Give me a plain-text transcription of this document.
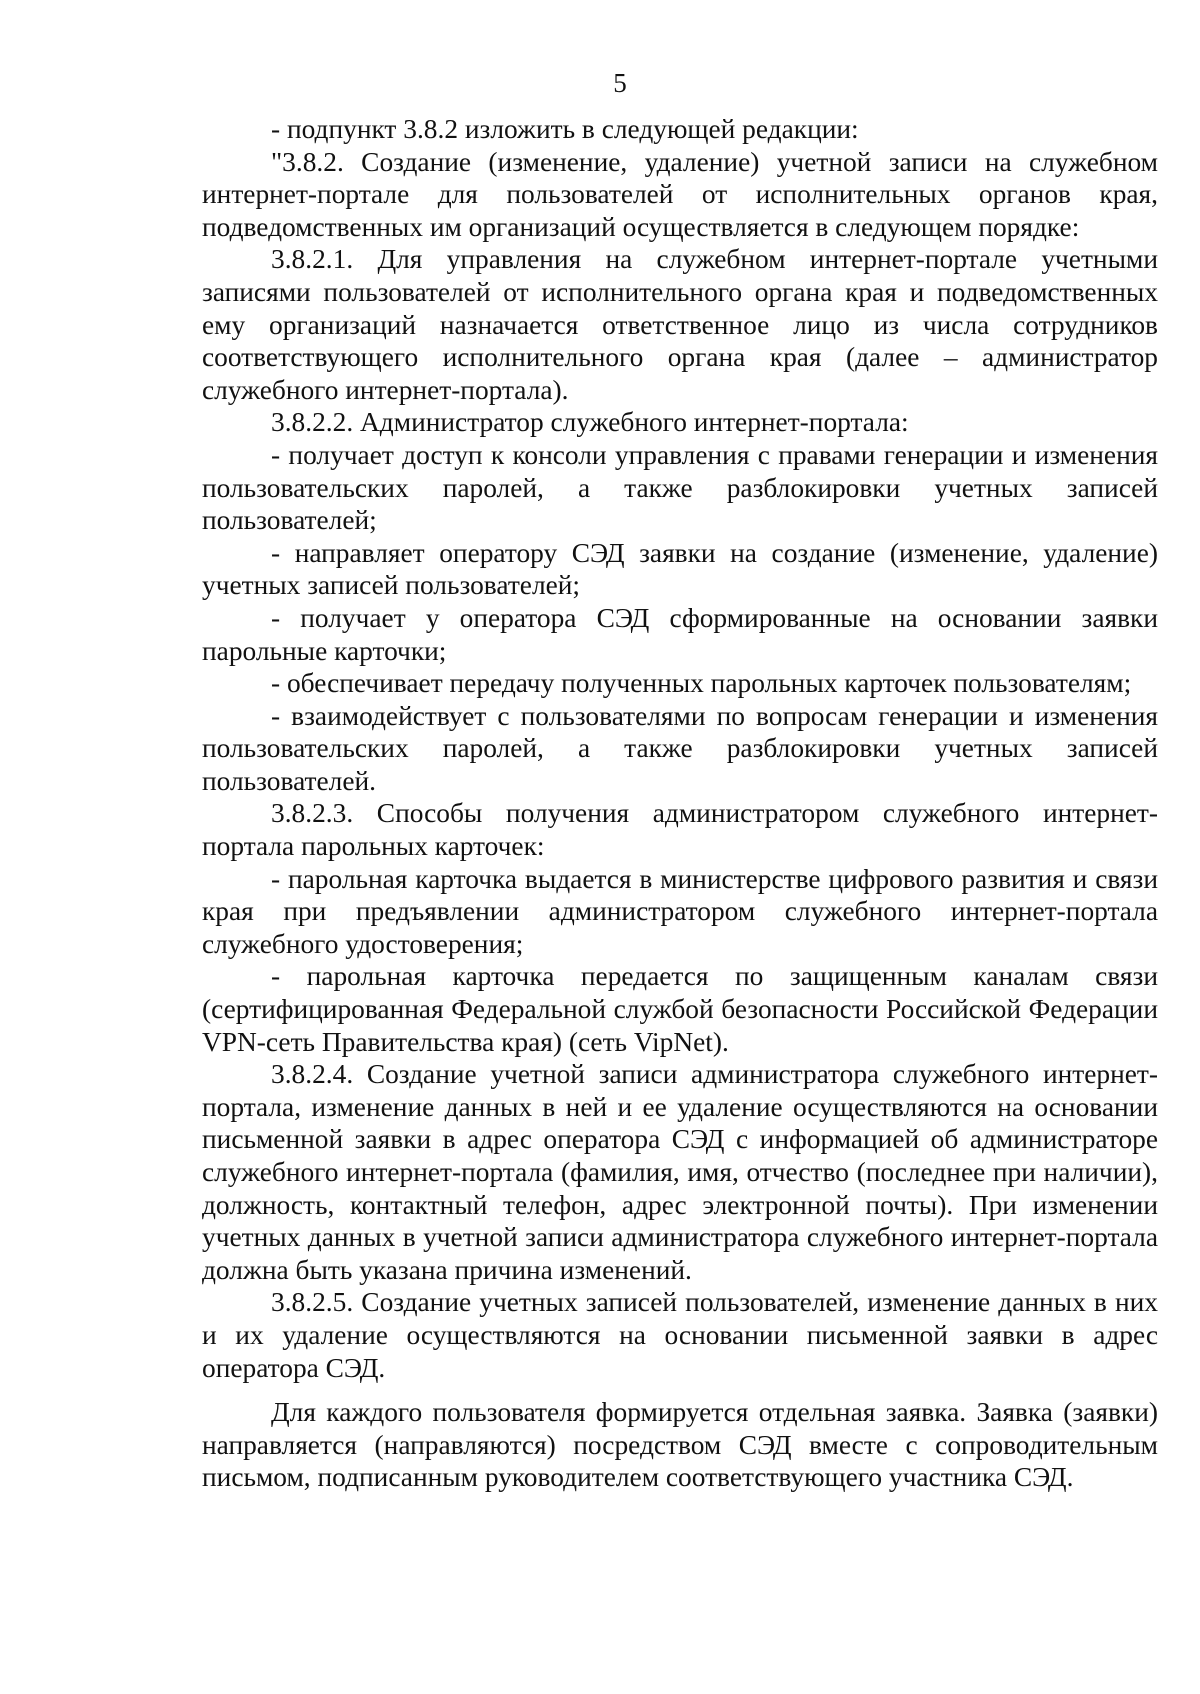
5

- подпункт 3.8.2 изложить в следующей редакции:

"3.8.2. Создание (изменение, удаление) учетной записи на служебном интернет-портале для пользователей от исполнительных органов края, подведомственных им организаций осуществляется в следующем порядке:

3.8.2.1. Для управления на служебном интернет-портале учетными записями пользователей от исполнительного органа края и подведомственных ему организаций назначается ответственное лицо из числа сотрудников соответствующего исполнительного органа края (далее – администратор служебного интернет-портала).

3.8.2.2. Администратор служебного интернет-портала:

- получает доступ к консоли управления с правами генерации и изменения пользовательских паролей, а также разблокировки учетных записей пользователей;

- направляет оператору СЭД заявки на создание (изменение, удаление) учетных записей пользователей;

- получает у оператора СЭД сформированные на основании заявки парольные карточки;

- обеспечивает передачу полученных парольных карточек пользователям;

- взаимодействует с пользователями по вопросам генерации и изменения пользовательских паролей, а также разблокировки учетных записей пользователей.

3.8.2.3. Способы получения администратором служебного интернет-портала парольных карточек:

- парольная карточка выдается в министерстве цифрового развития и связи края при предъявлении администратором служебного интернет-портала служебного удостоверения;

- парольная карточка передается по защищенным каналам связи (сертифицированная Федеральной службой безопасности Российской Федерации VPN-сеть Правительства края) (сеть VipNet).

3.8.2.4. Создание учетной записи администратора служебного интернет-портала, изменение данных в ней и ее удаление осуществляются на основании письменной заявки в адрес оператора СЭД с информацией об администраторе служебного интернет-портала (фамилия, имя, отчество (последнее при наличии), должность, контактный телефон, адрес электронной почты). При изменении учетных данных в учетной записи администратора служебного интернет-портала должна быть указана причина изменений.

3.8.2.5. Создание учетных записей пользователей, изменение данных в них и их удаление осуществляются на основании письменной заявки в адрес оператора СЭД.

Для каждого пользователя формируется отдельная заявка. Заявка (заявки) направляется (направляются) посредством СЭД вместе с сопроводительным письмом, подписанным руководителем соответствующего участника СЭД.
